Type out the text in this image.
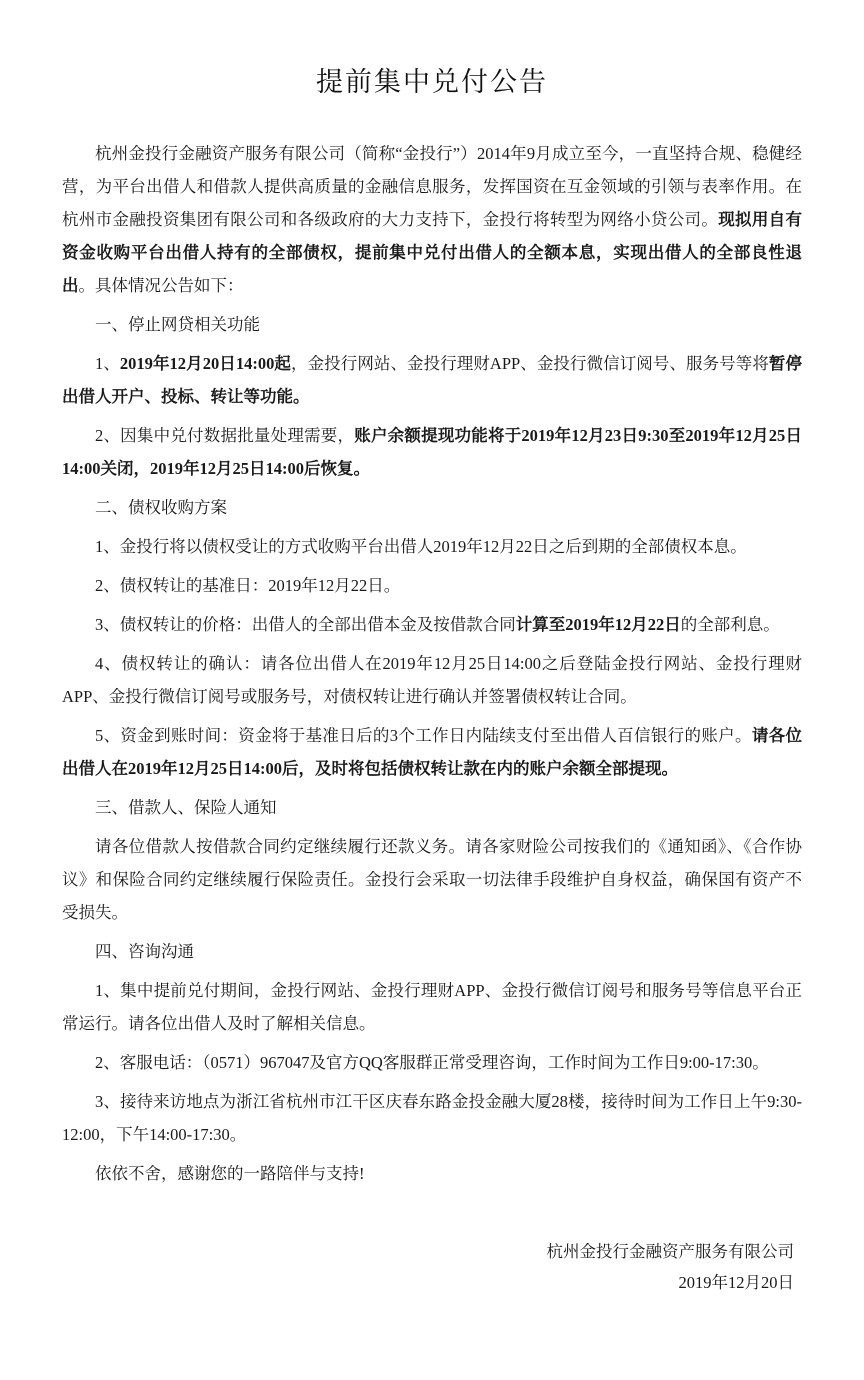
提前集中兑付公告

杭州金投行金融资产服务有限公司（简称“金投行”）2014年9月成立至今，一直坚持合规、稳健经营，为平台出借人和借款人提供高质量的金融信息服务，发挥国资在互金领域的引领与表率作用。在杭州市金融投资集团有限公司和各级政府的大力支持下，金投行将转型为网络小贷公司。现拟用自有资金收购平台出借人持有的全部债权，提前集中兑付出借人的全额本息，实现出借人的全部良性退出。具体情况公告如下：

一、停止网贷相关功能

1、2019年12月20日14:00起，金投行网站、金投行理财APP、金投行微信订阅号、服务号等将暂停出借人开户、投标、转让等功能。

2、因集中兑付数据批量处理需要，账户余额提现功能将于2019年12月23日9:30至2019年12月25日14:00关闭，2019年12月25日14:00后恢复。

二、债权收购方案

1、金投行将以债权受让的方式收购平台出借人2019年12月22日之后到期的全部债权本息。

2、债权转让的基准日：2019年12月22日。

3、债权转让的价格：出借人的全部出借本金及按借款合同计算至2019年12月22日的全部利息。

4、债权转让的确认：请各位出借人在2019年12月25日14:00之后登陆金投行网站、金投行理财APP、金投行微信订阅号或服务号，对债权转让进行确认并签署债权转让合同。

5、资金到账时间：资金将于基准日后的3个工作日内陆续支付至出借人百信银行的账户。请各位出借人在2019年12月25日14:00后，及时将包括债权转让款在内的账户余额全部提现。

三、借款人、保险人通知

请各位借款人按借款合同约定继续履行还款义务。请各家财险公司按我们的《通知函》、《合作协议》和保险合同约定继续履行保险责任。金投行会采取一切法律手段维护自身权益，确保国有资产不受损失。

四、咨询沟通

1、集中提前兑付期间，金投行网站、金投行理财APP、金投行微信订阅号和服务号等信息平台正常运行。请各位出借人及时了解相关信息。

2、客服电话：（0571）967047及官方QQ客服群正常受理咨询，工作时间为工作日9:00-17:30。

3、接待来访地点为浙江省杭州市江干区庆春东路金投金融大厦28楼，接待时间为工作日上午9:30-12:00，下午14:00-17:30。

依依不舍，感谢您的一路陪伴与支持!

杭州金投行金融资产服务有限公司
2019年12月20日
